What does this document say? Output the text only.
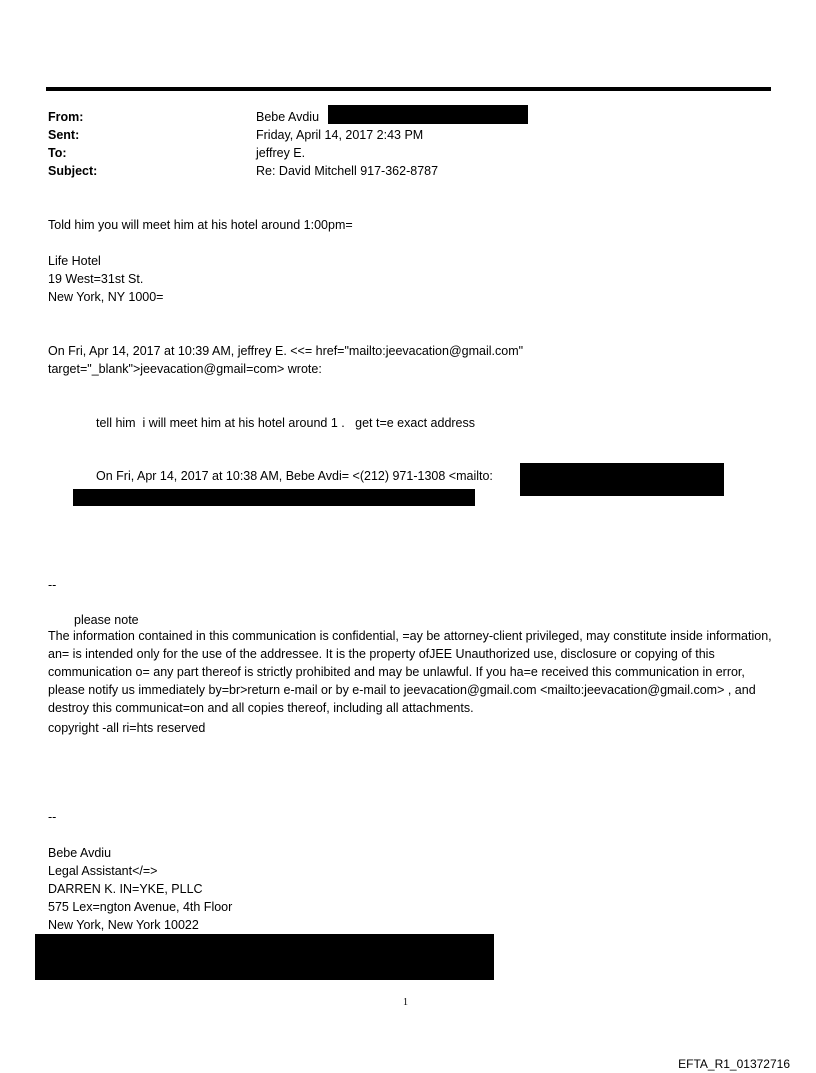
From:	Bebe Avdiu
Sent:	Friday, April 14, 2017 2:43 PM
To:	jeffrey E.
Subject:	Re: David Mitchell 917-362-8787
Told him you will meet him at his hotel around 1:00pm=
Life Hotel
19 West=31st St.
New York, NY 1000=
On Fri, Apr 14, 2017 at 10:39 AM, jeffrey E. <<= href="mailto:jeevacation@gmail.com"
target="_blank">jeevacation@gmail=com> wrote:
tell him  i will meet him at his hotel around 1 .   get t=e exact address
On Fri, Apr 14, 2017 at 10:38 AM, Bebe Avdi= <(212) 971-1308 <mailto:
--
please note
The information contained in this communication is confidential, =ay be attorney-client privileged, may constitute inside information, an= is intended only for the use of the addressee. It is the property ofJEE Unauthorized use, disclosure or copying of this communication o= any part thereof is strictly prohibited and may be unlawful. If you ha=e received this communication in error, please notify us immediately by=br>return e-mail or by e-mail to jeevacation@gmail.com <mailto:jeevacation@gmail.com> , and destroy this communicat=on and all copies thereof, including all attachments.
copyright -all ri=hts reserved
--
Bebe Avdiu
Legal Assistant</=>
DARREN K. IN=YKE, PLLC
575 Lex=ngton Avenue, 4th Floor
New York, New York 10022
1
EFTA_R1_01372716
